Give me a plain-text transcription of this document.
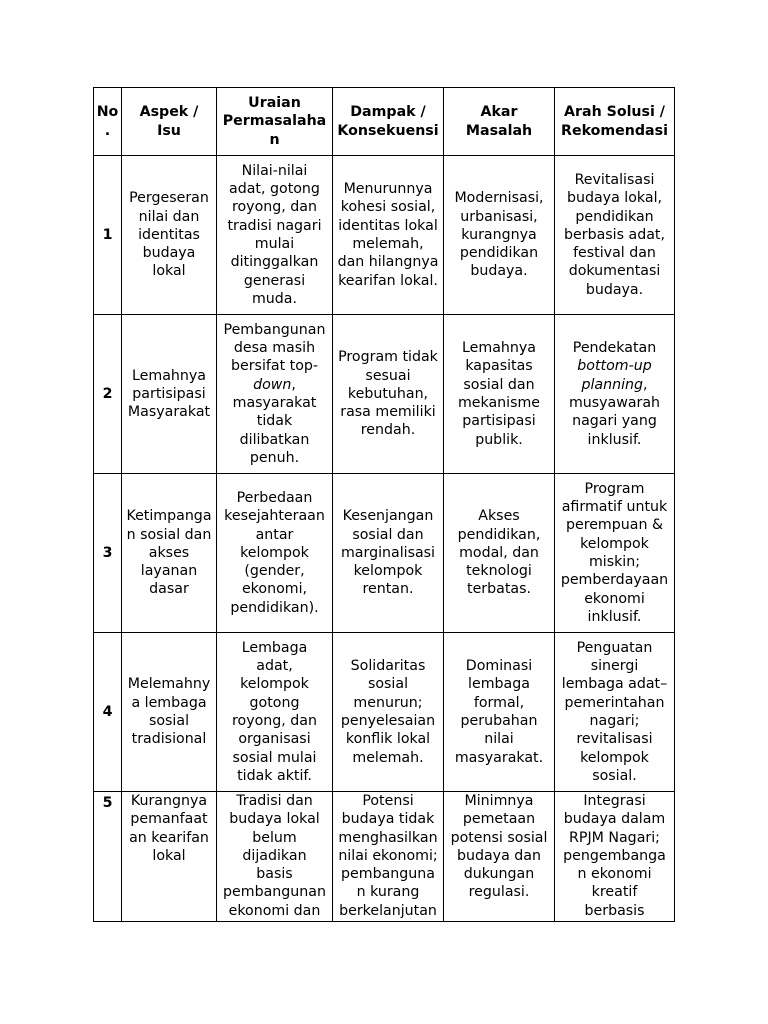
No
.
Aspek /
Isu
Uraian
Permasalaha
n
Dampak /
Konsekuensi
Akar
Masalah
Arah Solusi /
Rekomendasi
1
Pergeseran
nilai dan
identitas
budaya
lokal
Nilai-nilai
adat, gotong
royong, dan
tradisi nagari
mulai
ditinggalkan
generasi
muda.
Menurunnya
kohesi sosial,
identitas lokal
melemah,
dan hilangnya
kearifan lokal.
Modernisasi,
urbanisasi,
kurangnya
pendidikan
budaya.
Revitalisasi
budaya lokal,
pendidikan
berbasis adat,
festival dan
dokumentasi
budaya.
2
Lemahnya
partisipasi
Masyarakat
Pembangunan
desa masih
bersifat top-
down,
masyarakat
tidak
dilibatkan
penuh.
Program tidak
sesuai
kebutuhan,
rasa memiliki
rendah.
Lemahnya
kapasitas
sosial dan
mekanisme
partisipasi
publik.
Pendekatan
bottom-up
planning,
musyawarah
nagari yang
inklusif.
3
Ketimpanga
n sosial dan
akses
layanan
dasar
Perbedaan
kesejahteraan
antar
kelompok
(gender,
ekonomi,
pendidikan).
Kesenjangan
sosial dan
marginalisasi
kelompok
rentan.
Akses
pendidikan,
modal, dan
teknologi
terbatas.
Program
afirmatif untuk
perempuan &
kelompok
miskin;
pemberdayaan
ekonomi
inklusif.
4
Melemahny
a lembaga
sosial
tradisional
Lembaga
adat,
kelompok
gotong
royong, dan
organisasi
sosial mulai
tidak aktif.
Solidaritas
sosial
menurun;
penyelesaian
konflik lokal
melemah.
Dominasi
lembaga
formal,
perubahan
nilai
masyarakat.
Penguatan
sinergi
lembaga adat–
pemerintahan
nagari;
revitalisasi
kelompok
sosial.
5	Kurangnya
pemanfaat
an kearifan
lokal
Tradisi dan
budaya lokal
belum
dijadikan
basis
pembangunan
ekonomi dan
Potensi
budaya tidak
menghasilkan
nilai ekonomi;
pembanguna
n kurang
berkelanjutan
Minimnya
pemetaan
potensi sosial
budaya dan
dukungan
regulasi.
Integrasi
budaya dalam
RPJM Nagari;
pengembanga
n ekonomi
kreatif
berbasis
